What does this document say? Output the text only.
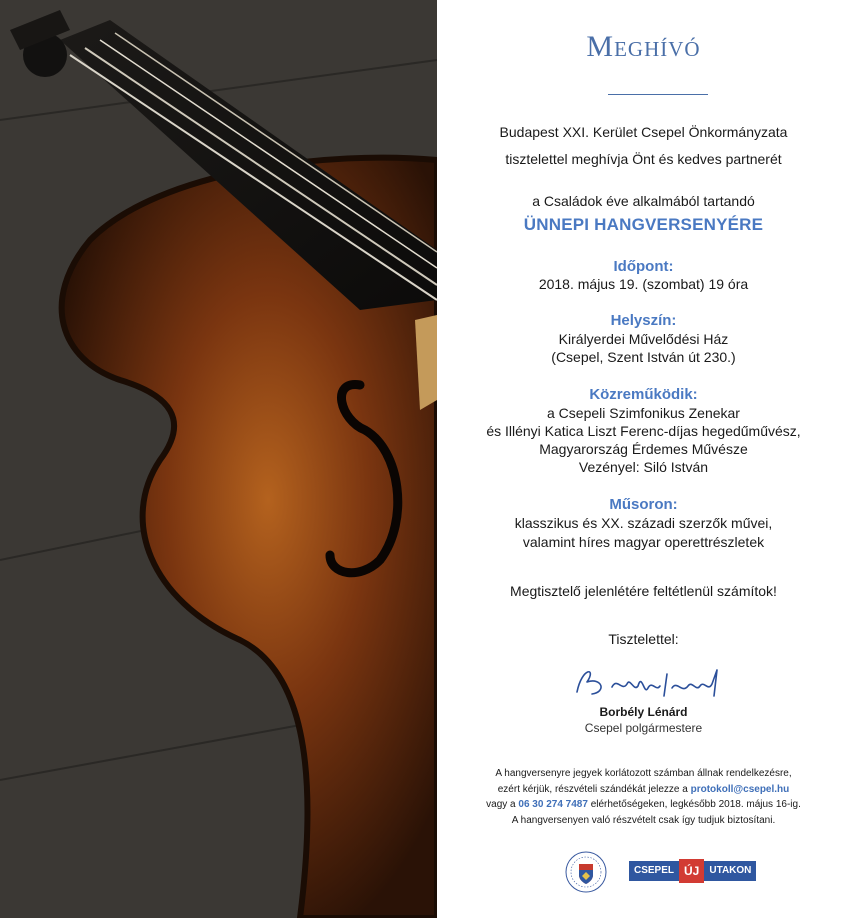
Meghívó
Budapest XXI. Kerület Csepel Önkormányzata
tisztelettel meghívja Önt és kedves partnerét
a Családok éve alkalmából tartandó
ÜNNEPI HANGVERSENYÉRE
Időpont:
2018. május 19. (szombat) 19 óra
Helyszín:
Királyerdei Művelődési Ház
(Csepel, Szent István út 230.)
Közreműködik:
a Csepeli Szimfonikus Zenekar
és Illényi Katica Liszt Ferenc-díjas hegedűművész,
Magyarország Érdemes Művésze
Vezényel: Siló István
Műsoron:
klasszikus és XX. századi szerzők művei,
valamint híres magyar operettrészletek
Megtisztelő jelenlétére feltétlenül számítok!
Tisztelettel:
Borbély Lénárd
Csepel polgármestere
A hangversenyre jegyek korlátozott számban állnak rendelkezésre,
ezért kérjük, részvételi szándékát jelezze a protokoll@csepel.hu
vagy a 06 30 274 7487 elérhetőségeken, legkésőbb 2018. május 16-ig.
A hangversenyen való részvételt csak így tudjuk biztosítani.
CSEPEL ÚJ	UTAKON
